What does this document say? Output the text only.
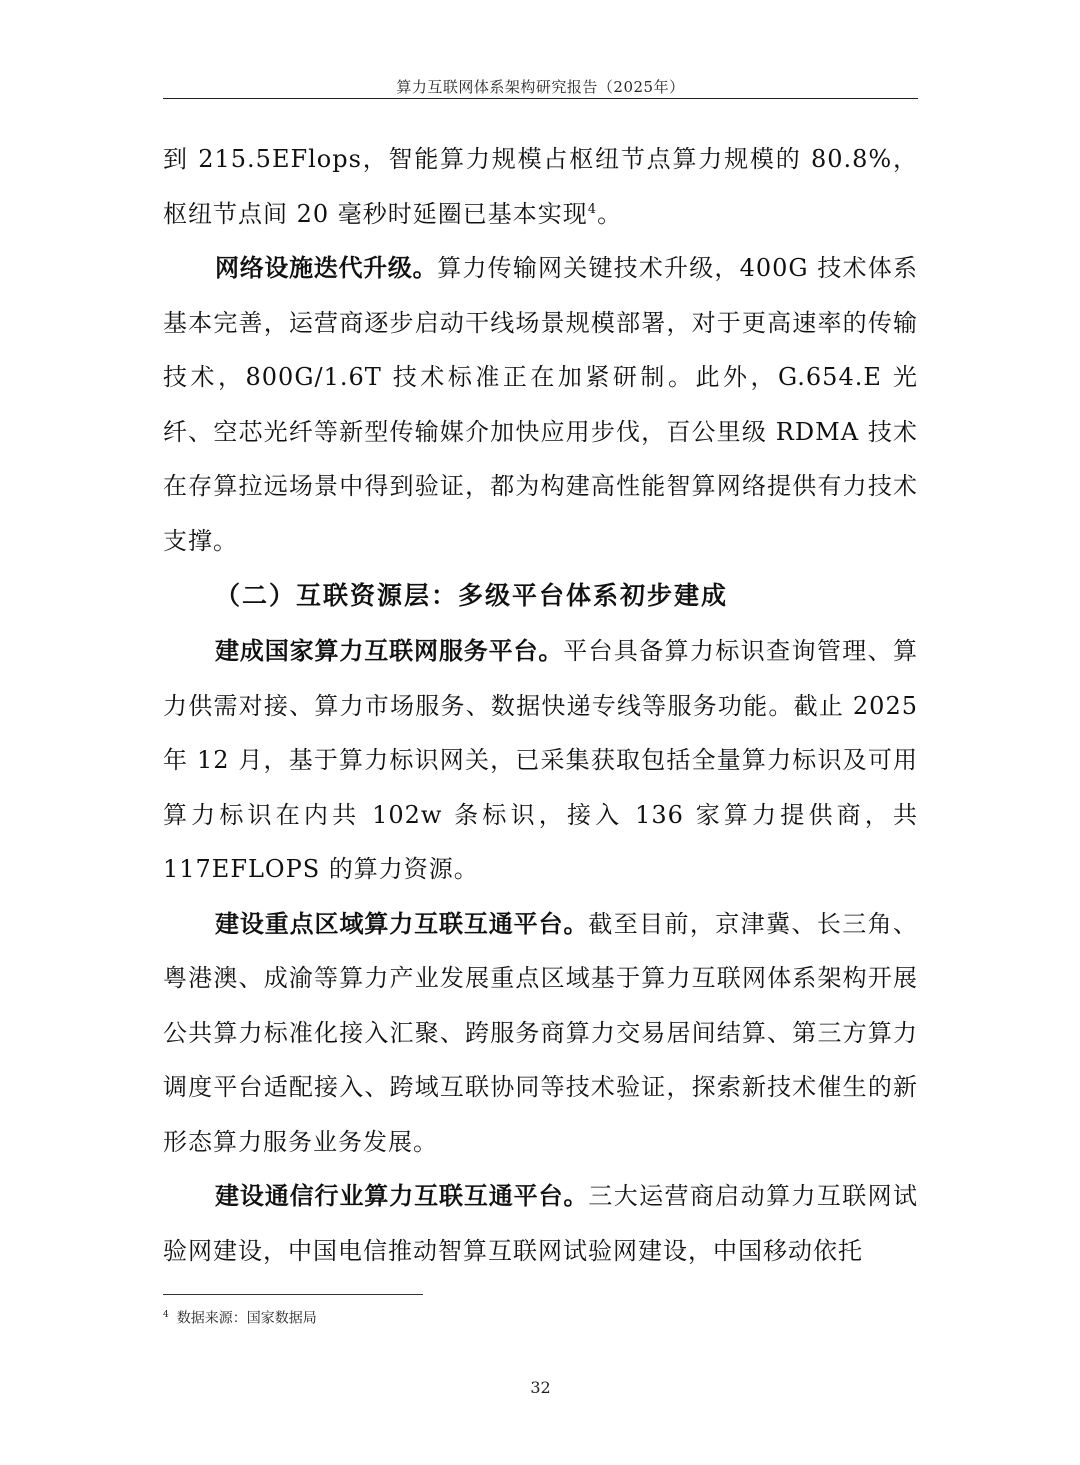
算力互联网体系架构研究报告（2025年）

到 215.5EFlops，智能算力规模占枢纽节点算力规模的 80.8%，枢纽节点间 20 毫秒时延圈已基本实现$^4$。

网络设施迭代升级。算力传输网关键技术升级，400G 技术体系基本完善，运营商逐步启动干线场景规模部署，对于更高速率的传输技术，800G/1.6T 技术标准正在加紧研制。此外，G.654.E 光纤、空芯光纤等新型传输媒介加快应用步伐，百公里级 RDMA 技术在存算拉远场景中得到验证，都为构建高性能智算网络提供有力技术支撑。

（二）互联资源层：多级平台体系初步建成

建成国家算力互联网服务平台。平台具备算力标识查询管理、算力供需对接、算力市场服务、数据快递专线等服务功能。截止 2025 年 12 月，基于算力标识网关，已采集获取包括全量算力标识及可用算力标识在内共 102w 条标识，接入 136 家算力提供商，共 117EFLOPS 的算力资源。

建设重点区域算力互联互通平台。截至目前，京津冀、长三角、粤港澳、成渝等算力产业发展重点区域基于算力互联网体系架构开展公共算力标准化接入汇聚、跨服务商算力交易居间结算、第三方算力调度平台适配接入、跨域互联协同等技术验证，探索新技术催生的新形态算力服务业务发展。

建设通信行业算力互联互通平台。三大运营商启动算力互联网试验网建设，中国电信推动智算互联网试验网建设，中国移动依托

$^4$ 数据来源：国家数据局
32
